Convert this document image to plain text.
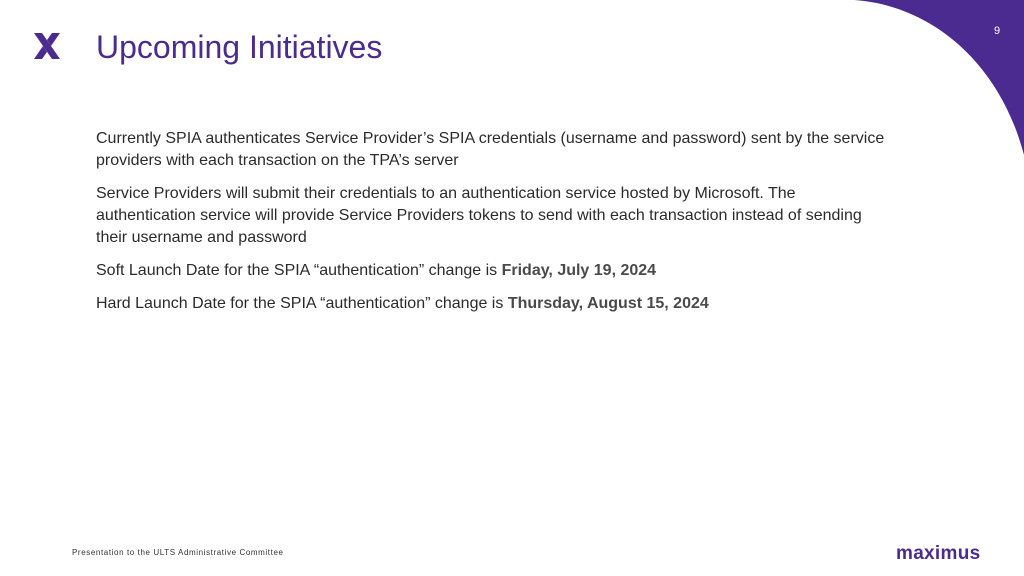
9
Upcoming Initiatives

Currently SPIA authenticates Service Provider’s SPIA credentials (username and password) sent by the service providers with each transaction on the TPA’s server

Service Providers will submit their credentials to an authentication service hosted by Microsoft. The authentication service will provide Service Providers tokens to send with each transaction instead of sending their username and password

Soft Launch Date for the SPIA “authentication” change is Friday, July 19, 2024

Hard Launch Date for the SPIA “authentication” change is Thursday, August 15, 2024

Presentation to the ULTS Administrative Committee	maximus
